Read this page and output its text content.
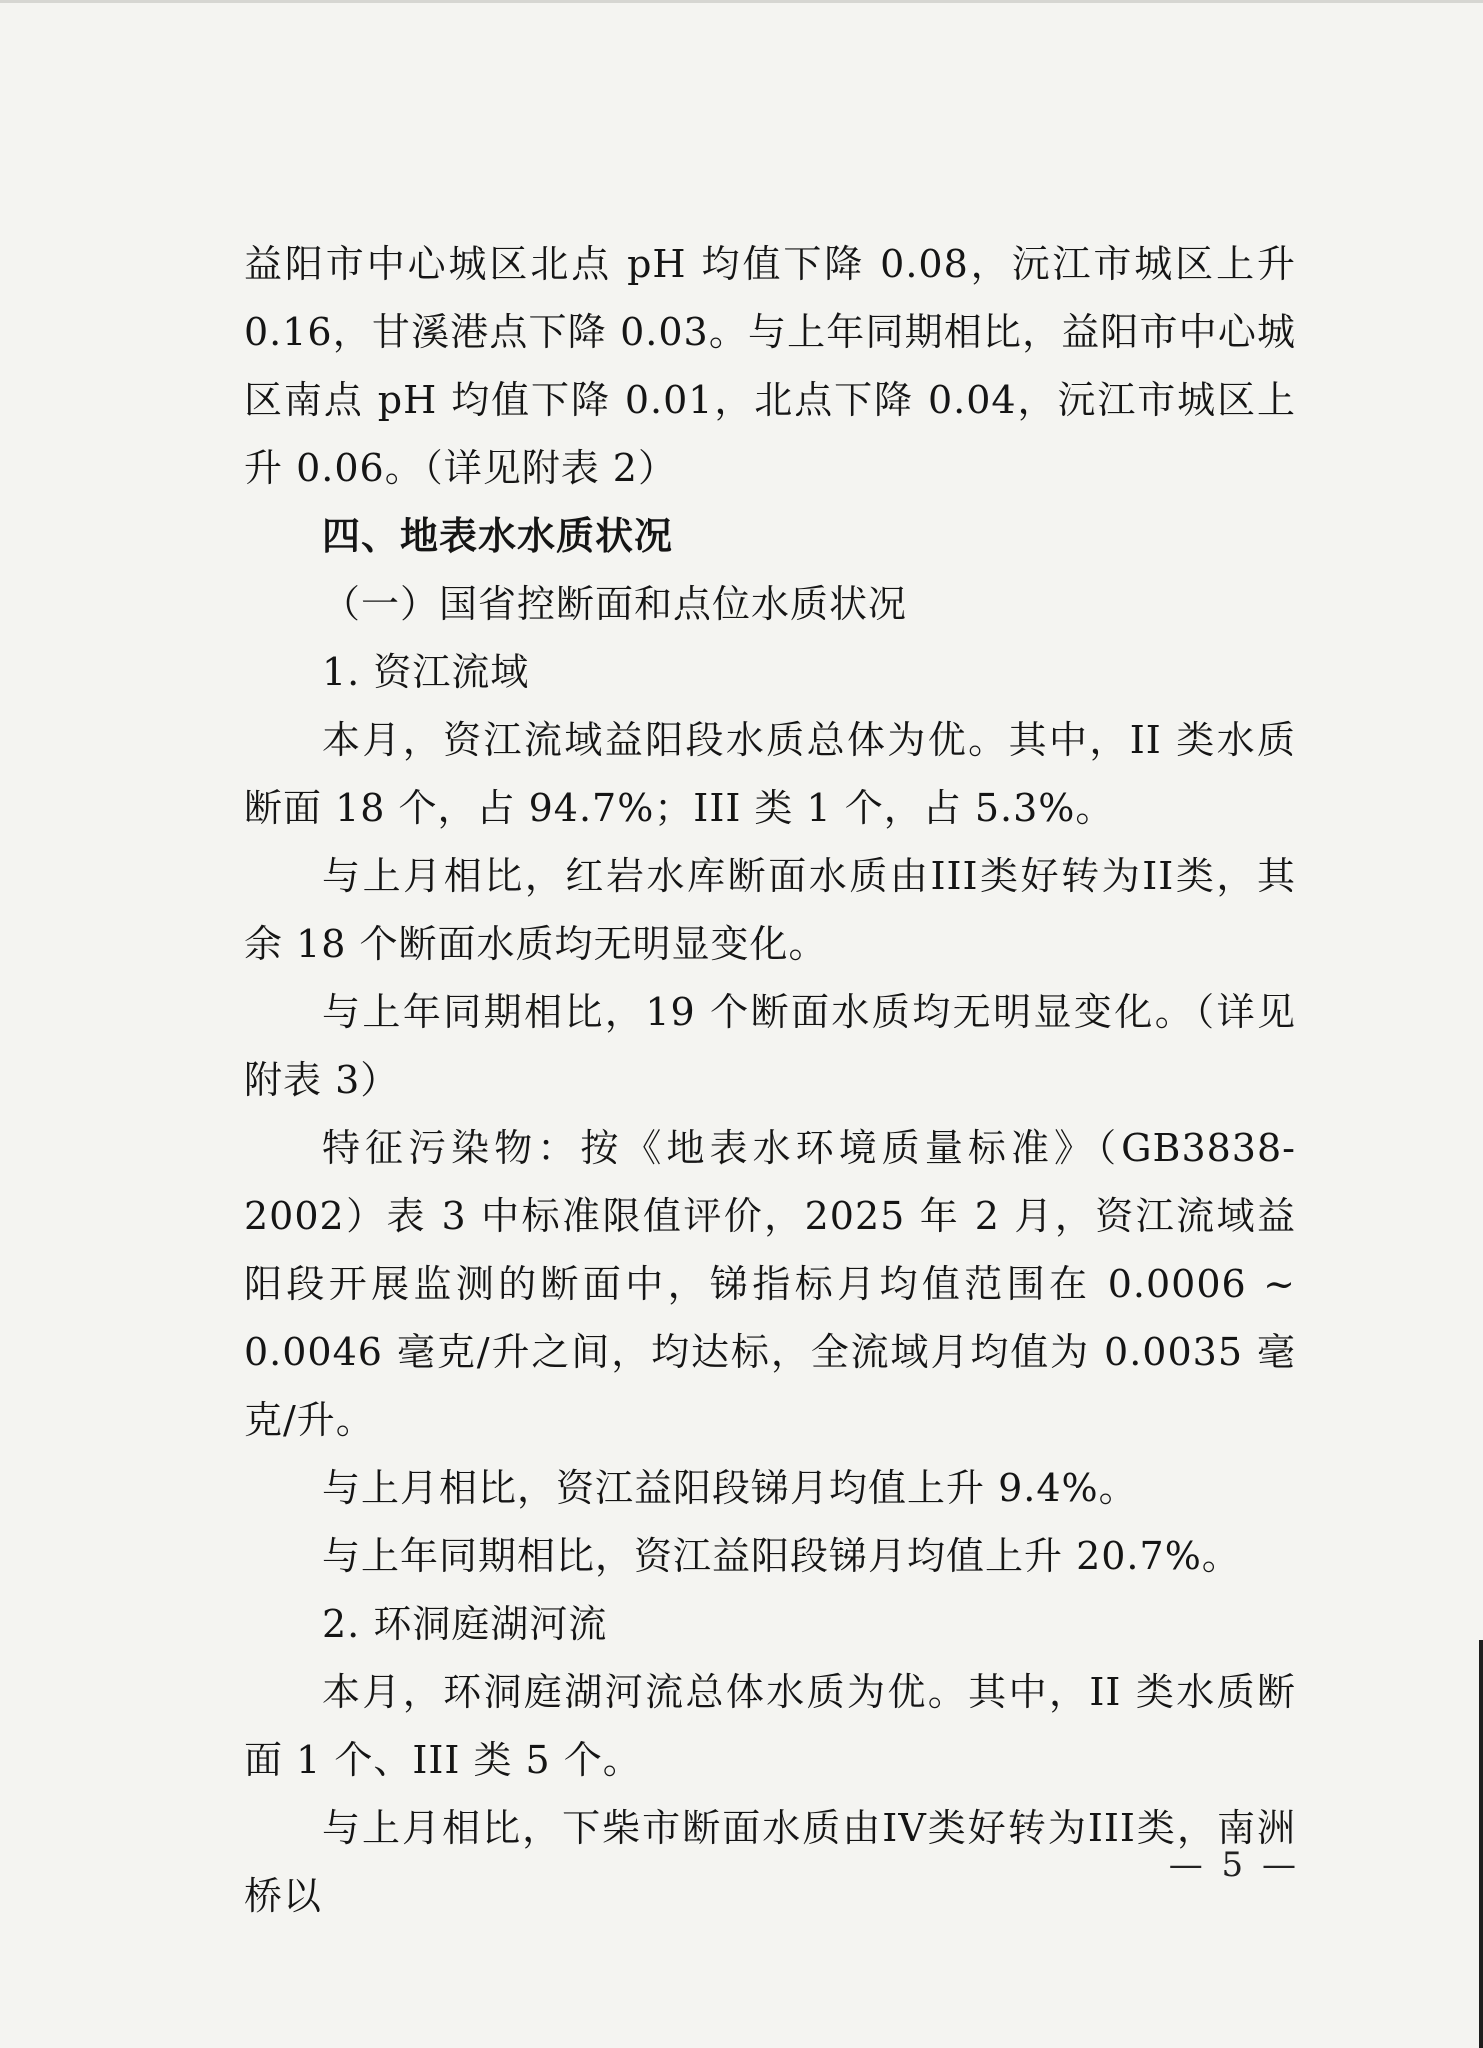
益阳市中心城区北点 pH 均值下降 0.08，沅江市城区上升 0.16，甘溪港点下降 0.03。与上年同期相比，益阳市中心城区南点 pH 均值下降 0.01，北点下降 0.04，沅江市城区上升 0.06。（详见附表 2）

四、地表水水质状况

（一）国省控断面和点位水质状况

1. 资江流域

本月，资江流域益阳段水质总体为优。其中，II 类水质断面 18 个，占 94.7%；III 类 1 个，占 5.3%。

与上月相比，红岩水库断面水质由III类好转为II类，其余 18 个断面水质均无明显变化。

与上年同期相比，19 个断面水质均无明显变化。（详见附表 3）

特征污染物：按《地表水环境质量标准》（GB3838-2002）表 3 中标准限值评价，2025 年 2 月，资江流域益阳段开展监测的断面中，锑指标月均值范围在 0.0006 ~ 0.0046 毫克/升之间，均达标，全流域月均值为 0.0035 毫克/升。

与上月相比，资江益阳段锑月均值上升 9.4%。

与上年同期相比，资江益阳段锑月均值上升 20.7%。

2. 环洞庭湖河流

本月，环洞庭湖河流总体水质为优。其中，II 类水质断面 1 个、III 类 5 个。

与上月相比，下柴市断面水质由IV类好转为III类，南洲桥以

— 5 —
